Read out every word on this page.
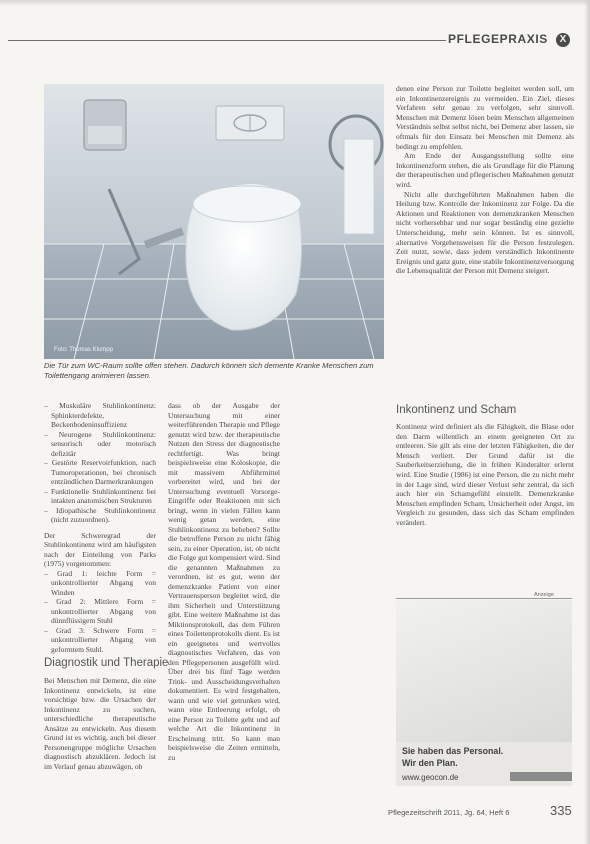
PFLEGEPRAXIS	X
Foto: Thomas Klumpp
Die Tür zum WC-Raum sollte offen stehen. Dadurch können sich demente Kranke Menschen zum Toilettengang animieren lassen.

denen eine Person zur Toilette begleitet werden soll, um ein Inkontinenzereignis zu vermeiden. Ein Ziel, dieses Verfahren sehr genau zu verfolgen, sehr sinnvoll. Menschen mit Demenz lösen beim Menschen allgemeinen Verständnis selbst selbst nicht, bei Demenz aber lassen, sie oftmals für den Einsatz bei Menschen mit Demenz als bedingt zu empfehlen.

Am Ende der Ausgangsstellung sollte eine Inkontinenzform stehen, die als Grundlage für die Planung der therapeutischen und pflegerischen Maßnahmen genutzt wird.

Nicht alle durchgeführten Maßnahmen haben die Heilung bzw. Kontrolle der Inkontinenz zur Folge. Da die Aktionen und Reaktionen von demenzkranken Menschen nicht vorhersehbar und nur sogar beständig eine gezielte Unterscheidung, mehr sein können. Ist es sinnvoll, alternative Vorgehensweisen für die Person festzulegen. Zeit nutzt, sowie, dass jedem verständlich Inkontinente Ereignis und ganz gute, eine stabile Inkontinenzversorgung die Lebensqualität der Person mit Demenz steigert.

Inkontinenz und Scham

Kontinenz wird definiert als die Fähigkeit, die Blase oder den Darm willentlich an einem geeigneten Ort zu entleeren. Sie gilt als eine der letzten Fähigkeiten, die der Mensch verliert. Der Grund dafür ist die Sauberkeitserziehung, die in frühen Kinderalter erlernt wird. Eine Studie (1986) ist eine Person, die zu nicht mehr in der Lage sind, wird dieser Verlust sehr zentral, da sich auch hier ein Schamgefühl einstellt. Demenzkranke Menschen empfinden Scham, Unsicherheit oder Angst, im Vergleich zu gesunden, dass sich das Scham empfinden verändert.

– Muskuläre Stuhlinkontinenz: Sphinkterdefekte, Beckenbodeninsuffizienz

– Neurogene Stuhlinkontinenz: sensorisch oder motorisch defizitär

– Gestörte Reservoirfunktion, nach Tumoroperationen, bei chronisch entzündlichen Darmerkrankungen

– Funktionelle Stuhlinkontinenz bei intakten anatomischen Strukturen

– Idiopathische Stuhlinkontinenz (nicht zuzuordnen).

Der Schweregrad der Stuhlinkontinenz wird am häufigsten nach der Einteilung von Parks (1975) vorgenommen:

– Grad 1: leichte Form = unkontrollierter Abgang von Winden

– Grad 2: Mittlere Form = unkontrollierter Abgang von dünnflüssigem Stuhl

– Grad 3: Schwere Form = unkontrollierter Abgang von geformtem Stuhl.

Diagnostik und Therapie

Bei Menschen mit Demenz, die eine Inkontinenz entwickeln, ist eine vorsichtige bzw. die Ursachen der Inkontinenz zu suchen, unterschiedliche therapeutische Ansätze zu entwickeln. Aus diesem Grund ist es wichtig, auch bei dieser Personengruppe mögliche Ursachen diagnostisch abzuklären. Jedoch ist im Verlauf genau abzuwägen, ob

dass ob der Ausgabe der Untersuchung mit einer weiterführenden Therapie und Pflege genutzt wird bzw. der therapeutische Nutzen den Stress der diagnostische rechtfertigt. Was bringt beispielsweise eine Koloskopie, die mit massivem Abführmittel vorbereitet wird, und bei der Untersuchung eventuell Vorsorge-Eingriffe oder Reaktionen mit sich bringt, wenn in vielen Fällen kann wenig getan werden, eine Stuhlinkontinenz zu beheben? Sollte die betroffene Person zu nicht fähig sein, zu einer Operation, ist, ob nicht die Folge gut kompensiert wird. Sind die genannten Maßnahmen zu verordnen, ist es gut, wenn der demenzkranke Patient von einer Vertrauensperson begleitet wird, die ihm Sicherheit und Unterstützung gibt. Eine weitere Maßnahme ist das Miktionsprotokoll, das dem Führen eines Toilettenprotokolls dient. Es ist ein geeignetes und wertvolles diagnostisches Verfahren, das von den Pflegepersonen ausgefüllt wird. Über drei bis fünf Tage werden Trink- und Ausscheidungsverhalten dokumentiert. Es wird festgehalten, wann und wie viel getrunken wird, wann eine Entleerung erfolgt, ob eine Person zu Toilette geht und auf welche Art die Inkontinenz in Erscheinung tritt. So kann man beispielsweise die Zeiten ermitteln, zu

Anzeige
Sie haben das Personal.
Wir den Plan.
www.geocon.de
Pflegezeitschrift 2011, Jg. 64, Heft 6	335
